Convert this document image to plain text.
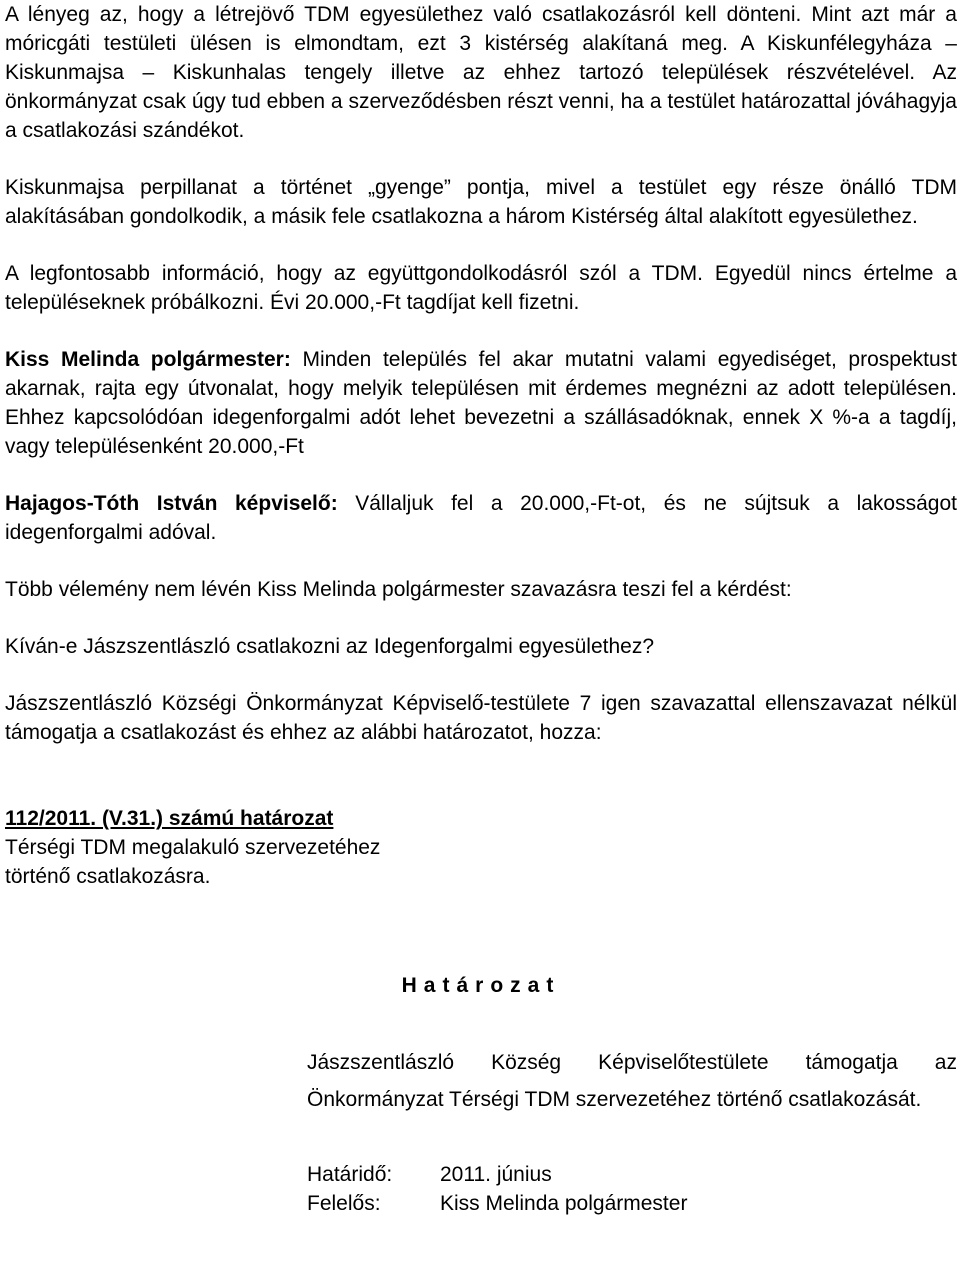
A lényeg az, hogy a létrejövő TDM egyesülethez való csatlakozásról kell dönteni. Mint azt már a móricgáti testületi ülésen is elmondtam, ezt 3 kistérség alakítaná meg. A Kiskunfélegyháza – Kiskunmajsa – Kiskunhalas tengely illetve az ehhez tartozó települések részvételével. Az önkormányzat csak úgy tud ebben a szerveződésben részt venni, ha a testület határozattal jóváhagyja a csatlakozási szándékot.

Kiskunmajsa perpillanat a történet „gyenge” pontja, mivel a testület egy része önálló TDM alakításában gondolkodik, a másik fele csatlakozna a három Kistérség által alakított egyesülethez.

A legfontosabb információ, hogy az együttgondolkodásról szól a TDM. Egyedül nincs értelme a településeknek próbálkozni. Évi 20.000,-Ft tagdíjat kell fizetni.

Kiss Melinda polgármester: Minden település fel akar mutatni valami egyediséget, prospektust akarnak, rajta egy útvonalat, hogy melyik településen mit érdemes megnézni az adott településen. Ehhez kapcsolódóan idegenforgalmi adót lehet bevezetni a szállásadóknak, ennek X %-a a tagdíj, vagy településenként 20.000,-Ft

Hajagos-Tóth István képviselő: Vállaljuk fel a 20.000,-Ft-ot, és ne sújtsuk a lakosságot idegenforgalmi adóval.

Több vélemény nem lévén Kiss Melinda polgármester szavazásra teszi fel a kérdést:

Kíván-e Jászszentlászló csatlakozni az Idegenforgalmi egyesülethez?

Jászszentlászló Községi Önkormányzat Képviselő-testülete 7 igen szavazattal ellenszavazat nélkül támogatja a csatlakozást és ehhez az alábbi határozatot, hozza:

112/2011. (V.31.) számú határozat
Térségi TDM megalakuló szervezetéhez
történő csatlakozásra.
Határozat

Jászszentlászló Község Képviselőtestülete támogatja az Önkormányzat Térségi TDM szervezetéhez történő csatlakozását.

Határidő:	2011. június
Felelős:	Kiss Melinda polgármester
